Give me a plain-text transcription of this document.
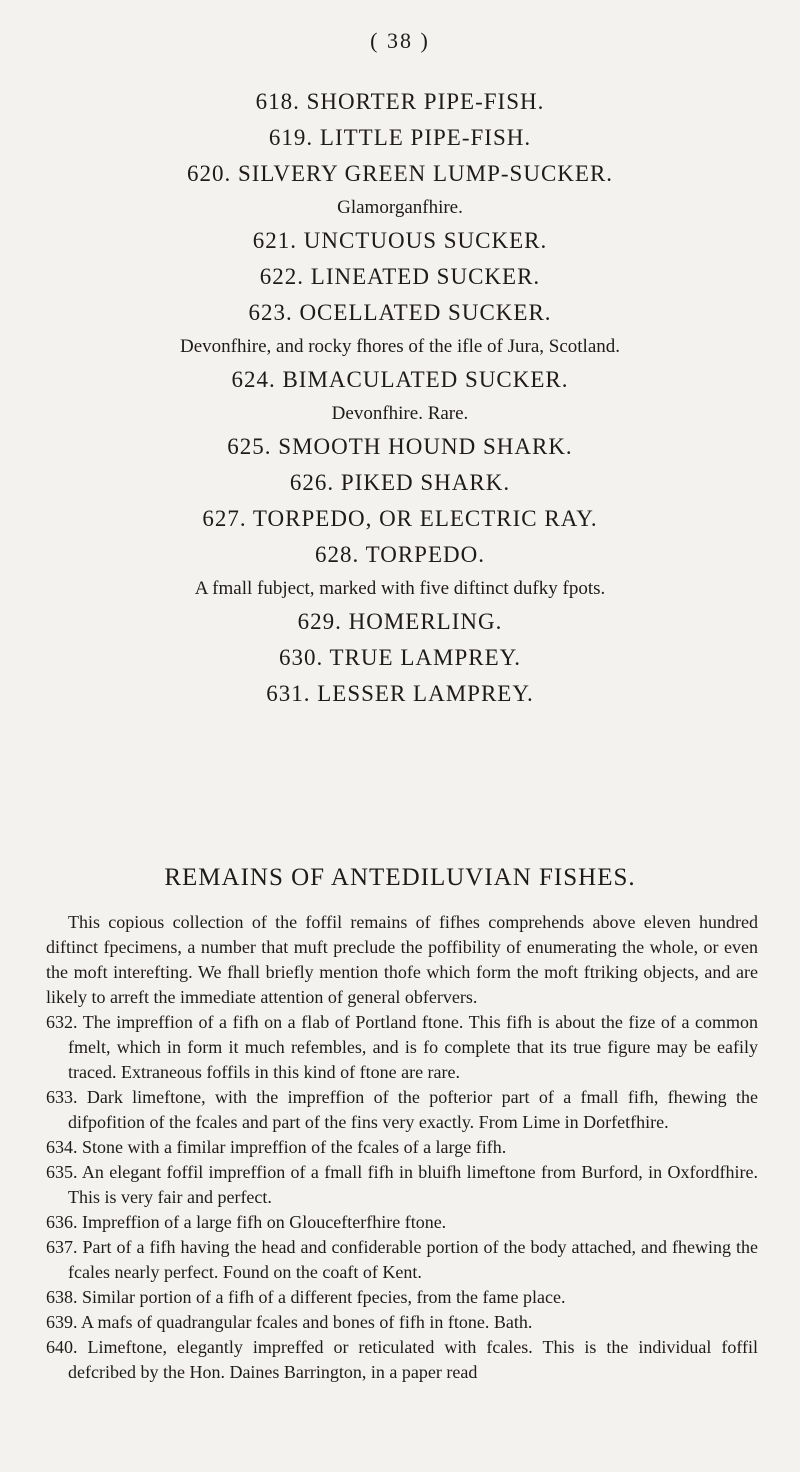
( 38 )
618. SHORTER PIPE-FISH.
619. LITTLE PIPE-FISH.
620. SILVERY GREEN LUMP-SUCKER.
Glamorganfhire.
621. UNCTUOUS SUCKER.
622. LINEATED SUCKER.
623. OCELLATED SUCKER.
Devonfhire, and rocky fhores of the ifle of Jura, Scotland.
624. BIMACULATED SUCKER.
Devonfhire. Rare.
625. SMOOTH HOUND SHARK.
626. PIKED SHARK.
627. TORPEDO, OR ELECTRIC RAY.
628. TORPEDO.
A fmall fubject, marked with five diftinct dufky fpots.
629. HOMERLING.
630. TRUE LAMPREY.
631. LESSER LAMPREY.
REMAINS OF ANTEDILUVIAN FISHES.

This copious collection of the foffil remains of fifhes comprehends above eleven hundred diftinct fpecimens, a number that muft preclude the poffibility of enumerating the whole, or even the moft interefting. We fhall briefly mention thofe which form the moft ftriking objects, and are likely to arreft the immediate attention of general obfervers.

632. The impreffion of a fifh on a flab of Portland ftone. This fifh is about the fize of a common fmelt, which in form it much refembles, and is fo complete that its true figure may be eafily traced. Extraneous foffils in this kind of ftone are rare.

633. Dark limeftone, with the impreffion of the pofterior part of a fmall fifh, fhewing the difpofition of the fcales and part of the fins very exactly. From Lime in Dorfetfhire.

634. Stone with a fimilar impreffion of the fcales of a large fifh.

635. An elegant foffil impreffion of a fmall fifh in bluifh limeftone from Burford, in Oxfordfhire. This is very fair and perfect.

636. Impreffion of a large fifh on Gloucefterfhire ftone.

637. Part of a fifh having the head and confiderable portion of the body attached, and fhewing the fcales nearly perfect. Found on the coaft of Kent.

638. Similar portion of a fifh of a different fpecies, from the fame place.

639. A mafs of quadrangular fcales and bones of fifh in ftone. Bath.

640. Limeftone, elegantly impreffed or reticulated with fcales. This is the individual foffil defcribed by the Hon. Daines Barrington, in a paper read
